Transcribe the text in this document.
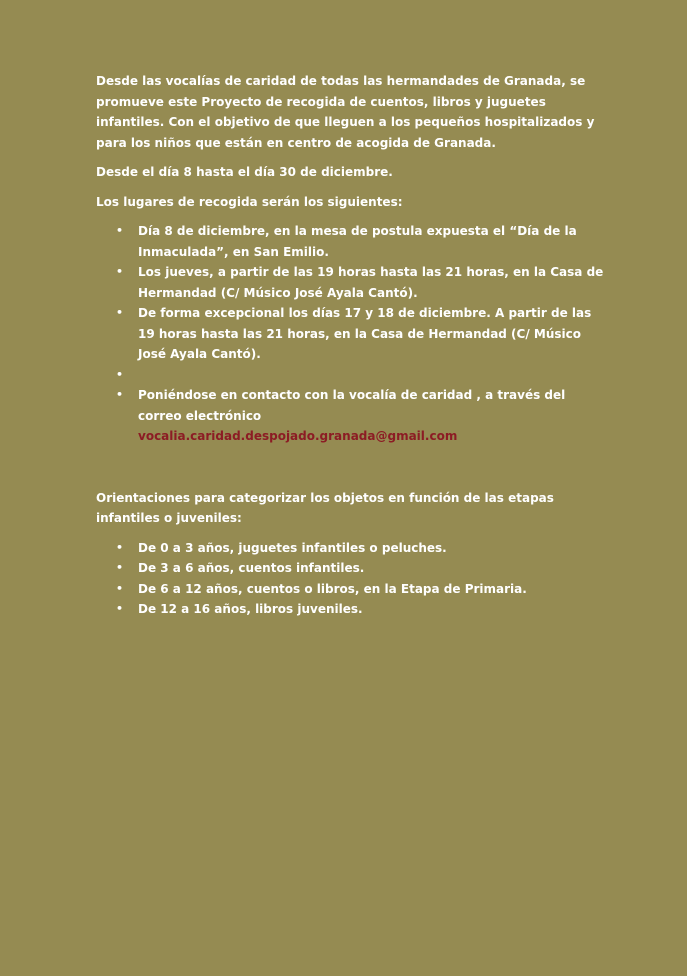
Desde las vocalías de caridad de todas las hermandades de Granada, se promueve este Proyecto de recogida de cuentos, libros y juguetes infantiles. Con el objetivo de que lleguen a los pequeños hospitalizados y para los niños que están en centro de acogida de Granada.

Desde el día 8 hasta el día 30 de diciembre.

Los lugares de recogida serán los siguientes:

• Día 8 de diciembre, en la mesa de postula expuesta el “Día de la Inmaculada”, en San Emilio.
• Los jueves, a partir de las 19 horas hasta las 21 horas, en la Casa de Hermandad (C/ Músico José Ayala Cantó).
• De forma excepcional los días 17 y 18 de diciembre. A partir de las 19 horas hasta las 21 horas, en la Casa de Hermandad (C/ Músico José Ayala Cantó).
•
• Poniéndose en contacto con la vocalía de caridad , a través del correo electrónico
vocalia.caridad.despojado.granada@gmail.com

Orientaciones para categorizar los objetos en función de las etapas infantiles o juveniles:

• De 0 a 3 años, juguetes infantiles o peluches.
• De 3 a 6 años, cuentos infantiles.
• De 6 a 12 años, cuentos o libros, en la Etapa de Primaria.
• De 12 a 16 años, libros juveniles.
